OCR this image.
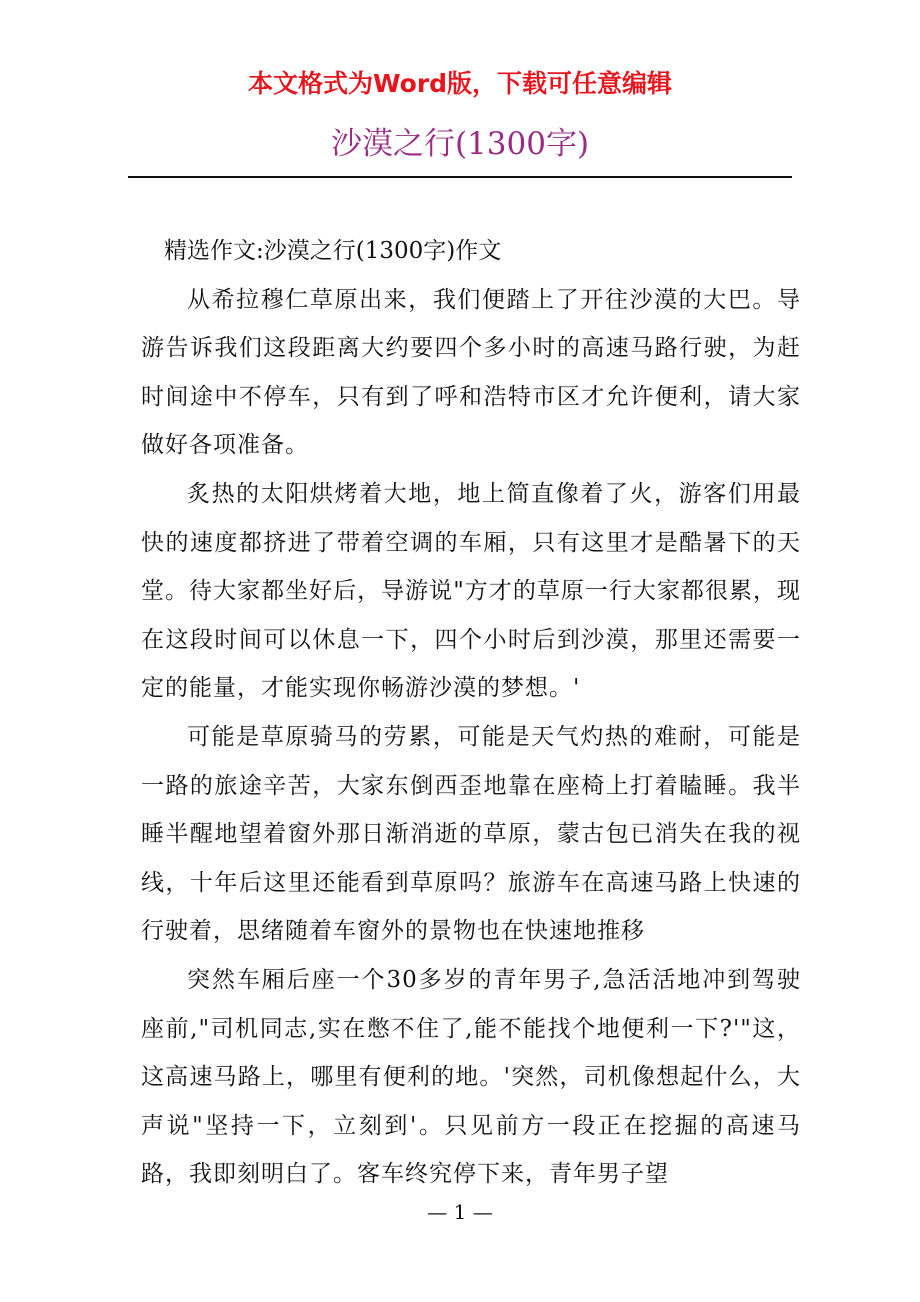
本文格式为Word版，下载可任意编辑
沙漠之行(1300字)

精选作文:沙漠之行(1300字)作文

从希拉穆仁草原出来，我们便踏上了开往沙漠的大巴。导游告诉我们这段距离大约要四个多小时的高速马路行驶，为赶时间途中不停车，只有到了呼和浩特市区才允许便利，请大家做好各项准备。

炙热的太阳烘烤着大地，地上简直像着了火，游客们用最快的速度都挤进了带着空调的车厢，只有这里才是酷暑下的天堂。待大家都坐好后，导游说"方才的草原一行大家都很累，现在这段时间可以休息一下，四个小时后到沙漠，那里还需要一定的能量，才能实现你畅游沙漠的梦想。'

可能是草原骑马的劳累，可能是天气灼热的难耐，可能是一路的旅途辛苦，大家东倒西歪地靠在座椅上打着瞌睡。我半睡半醒地望着窗外那日渐消逝的草原，蒙古包已消失在我的视线，十年后这里还能看到草原吗？旅游车在高速马路上快速的行驶着，思绪随着车窗外的景物也在快速地推移

突然车厢后座一个30多岁的青年男子,急活活地冲到驾驶座前,"司机同志,实在憋不住了,能不能找个地便利一下?'"这，这高速马路上，哪里有便利的地。'突然，司机像想起什么，大声说"坚持一下，立刻到'。只见前方一段正在挖掘的高速马路，我即刻明白了。客车终究停下来，青年男子望

— 1 —
